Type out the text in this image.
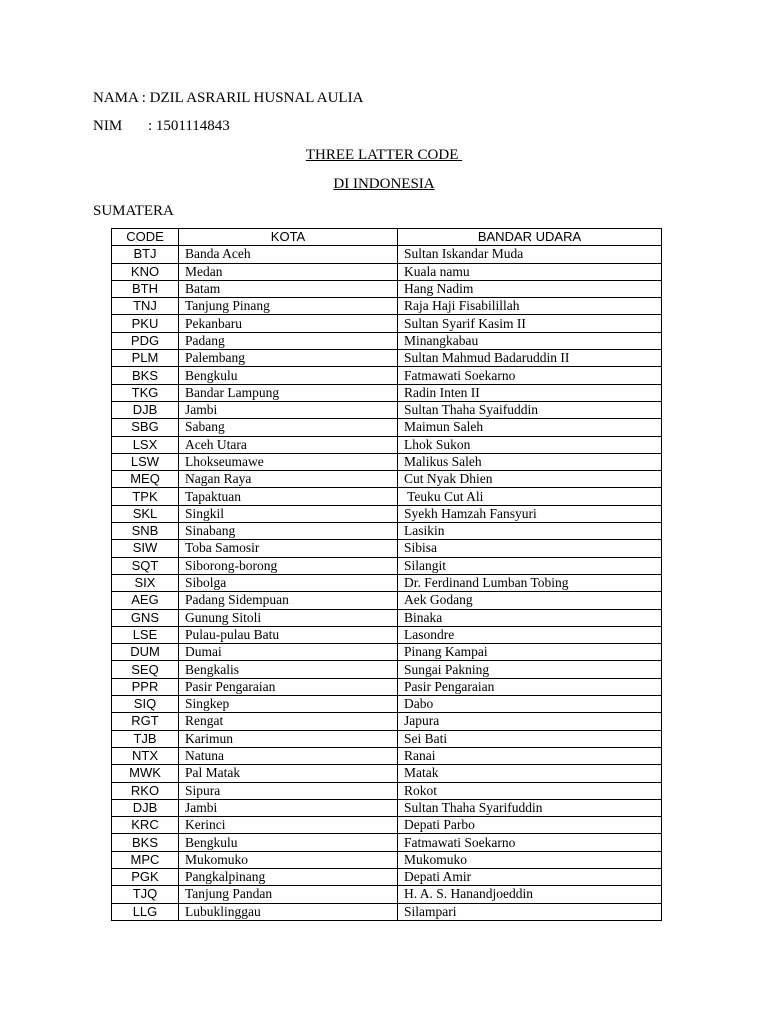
NAMA : DZIL ASRARIL HUSNAL AULIA
NIM : 1501114843
THREE LATTER CODE
DI INDONESIA
SUMATERA
CODE	KOTA	BANDAR UDARA
BTJ	Banda Aceh	Sultan Iskandar Muda
KNO	Medan	Kuala namu
BTH	Batam	Hang Nadim
TNJ	Tanjung Pinang	Raja Haji Fisabilillah
PKU	Pekanbaru	Sultan Syarif Kasim II
PDG	Padang	Minangkabau
PLM	Palembang	Sultan Mahmud Badaruddin II
BKS	Bengkulu	Fatmawati Soekarno
TKG	Bandar Lampung	Radin Inten II
DJB	Jambi	Sultan Thaha Syaifuddin
SBG	Sabang	Maimun Saleh
LSX	Aceh Utara	Lhok Sukon
LSW	Lhokseumawe	Malikus Saleh
MEQ	Nagan Raya	Cut Nyak Dhien
TPK	Tapaktuan	Teuku Cut Ali
SKL	Singkil	Syekh Hamzah Fansyuri
SNB	Sinabang	Lasikin
SIW	Toba Samosir	Sibisa
SQT	Siborong-borong	Silangit
SIX	Sibolga	Dr. Ferdinand Lumban Tobing
AEG	Padang Sidempuan	Aek Godang
GNS	Gunung Sitoli	Binaka
LSE	Pulau-pulau Batu	Lasondre
DUM	Dumai	Pinang Kampai
SEQ	Bengkalis	Sungai Pakning
PPR	Pasir Pengaraian	Pasir Pengaraian
SIQ	Singkep	Dabo
RGT	Rengat	Japura
TJB	Karimun	Sei Bati
NTX	Natuna	Ranai
MWK	Pal Matak	Matak
RKO	Sipura	Rokot
DJB	Jambi	Sultan Thaha Syarifuddin
KRC	Kerinci	Depati Parbo
BKS	Bengkulu	Fatmawati Soekarno
MPC	Mukomuko	Mukomuko
PGK	Pangkalpinang	Depati Amir
TJQ	Tanjung Pandan	H. A. S. Hanandjoeddin
LLG	Lubuklinggau	Silampari
